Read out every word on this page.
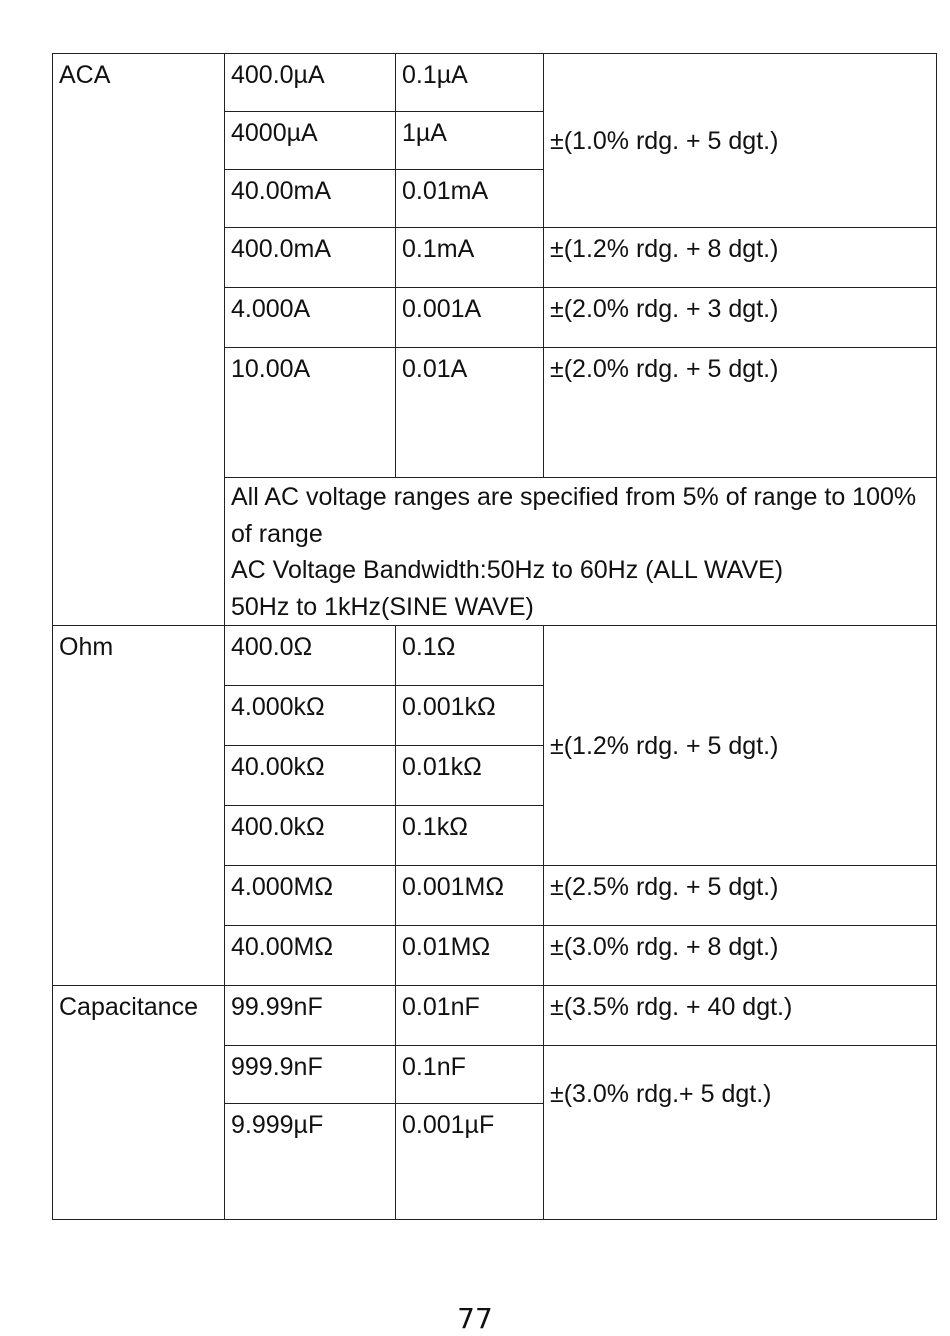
ACA	400.0µA	0.1µA	±(1.0% rdg. + 5 dgt.)
	4000µA	1µA	
	40.00mA	0.01mA	
	400.0mA	0.1mA	±(1.2% rdg. + 8 dgt.)
	4.000A	0.001A	±(2.0% rdg. + 3 dgt.)
	10.00A	0.01A	±(2.0% rdg. + 5 dgt.)

	All AC voltage ranges are specified from 5% of range to 100% of range
AC Voltage Bandwidth:50Hz to 60Hz (ALL WAVE)
50Hz to 1kHz(SINE WAVE)		

Ohm	400.0Ω	0.1Ω	±(1.2% rdg. + 5 dgt.)
	4.000kΩ	0.001kΩ	
	40.00kΩ	0.01kΩ	
	400.0kΩ	0.1kΩ	
	4.000MΩ	0.001MΩ	±(2.5% rdg. + 5 dgt.)
	40.00MΩ	0.01MΩ	±(3.0% rdg. + 8 dgt.)
Capacitance	99.99nF	0.01nF	±(3.5% rdg. + 40 dgt.)
	999.9nF	0.1nF	±(3.0% rdg.+ 5 dgt.)
	9.999µF	0.001µF	
77
